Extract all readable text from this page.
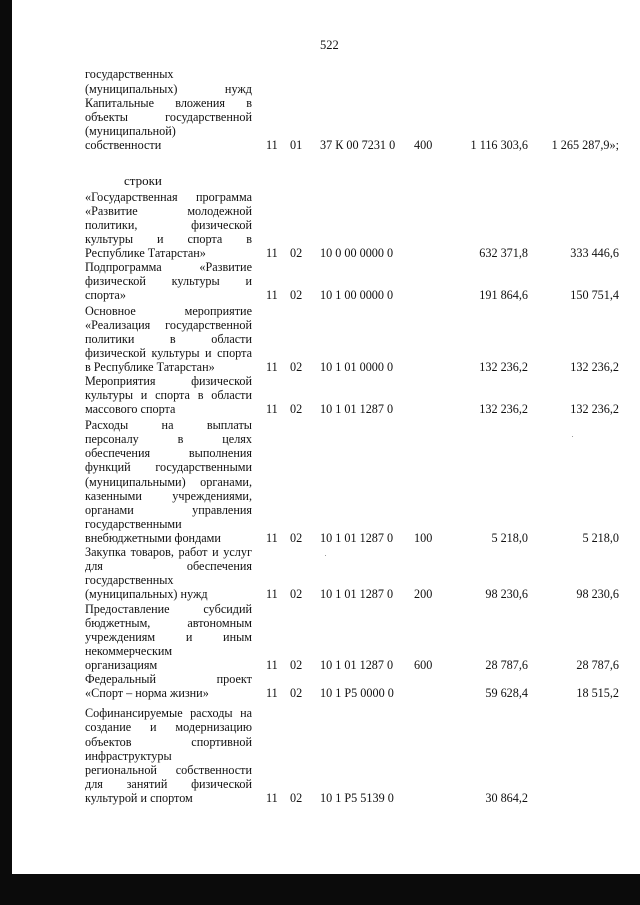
522
строки
государственных
(муниципальных) нужд
Капитальные вложения в
объекты государственной
(муниципальной)
собственности	11 01 37 К 00 7231 0 400	1 116 303,6 1 265 287,9»;
«Государственная программа
«Развитие молодежной
политики, физической
культуры и спорта в
Республике Татарстан»	11 02 10 0 00 0000 0	632 371,8	333 446,6
Подпрограмма «Развитие
физической культуры и
спорта»	11 02 10 1 00 0000 0	191 864,6	150 751,4
Основное мероприятие
«Реализация государственной
политики в области
физической культуры и спорта
в Республике Татарстан»	11 02 10 1 01 0000 0	132 236,2	132 236,2
Мероприятия физической
культуры и спорта в области
массового спорта	11 02 10 1 01 1287 0	132 236,2	132 236,2
Расходы на выплаты
персоналу в целях
обеспечения выполнения
функций государственными
(муниципальными) органами,
казенными учреждениями,
органами управления
государственными
внебюджетными фондами	11 02 10 1 01 1287 0 100	5 218,0	5 218,0
Закупка товаров, работ и услуг
для обеспечения
государственных
(муниципальных) нужд	11 02 10 1 01 1287 0 200	98 230,6	98 230,6
Предоставление субсидий
бюджетным, автономным
учреждениям и иным
некоммерческим
организациям	11 02 10 1 01 1287 0 600	28 787,6	28 787,6
Федеральный проект
«Спорт – норма жизни»	11 02 10 1 Р5 0000 0	59 628,4	18 515,2
Софинансируемые расходы на
создание и модернизацию
объектов спортивной
инфраструктуры
региональной собственности
для занятий физической
культурой и спортом	11 02 10 1 Р5 5139 0	30 864,2
